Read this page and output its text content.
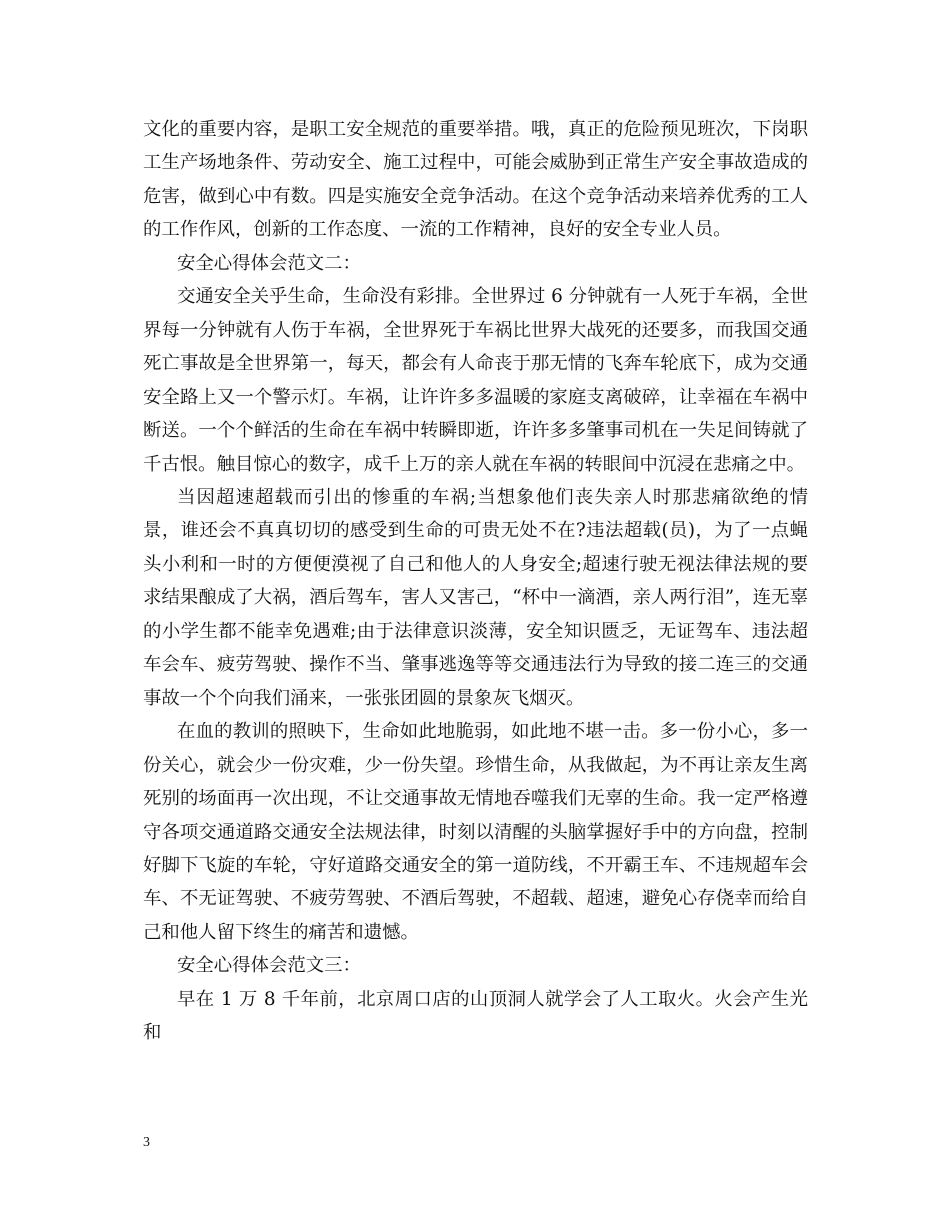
文化的重要内容，是职工安全规范的重要举措。哦，真正的危险预见班次，下岗职工生产场地条件、劳动安全、施工过程中，可能会威胁到正常生产安全事故造成的危害，做到心中有数。四是实施安全竞争活动。在这个竞争活动来培养优秀的工人的工作作风，创新的工作态度、一流的工作精神，良好的安全专业人员。

安全心得体会范文二：

交通安全关乎生命，生命没有彩排。全世界过 6 分钟就有一人死于车祸，全世界每一分钟就有人伤于车祸，全世界死于车祸比世界大战死的还要多，而我国交通死亡事故是全世界第一，每天，都会有人命丧于那无情的飞奔车轮底下，成为交通安全路上又一个警示灯。车祸，让许许多多温暖的家庭支离破碎，让幸福在车祸中断送。一个个鲜活的生命在车祸中转瞬即逝，许许多多肇事司机在一失足间铸就了千古恨。触目惊心的数字，成千上万的亲人就在车祸的转眼间中沉浸在悲痛之中。

当因超速超载而引出的惨重的车祸;当想象他们丧失亲人时那悲痛欲绝的情景，谁还会不真真切切的感受到生命的可贵无处不在?违法超载(员)，为了一点蝇头小利和一时的方便便漠视了自己和他人的人身安全;超速行驶无视法律法规的要求结果酿成了大祸，酒后驾车，害人又害己，“杯中一滴酒，亲人两行泪”，连无辜的小学生都不能幸免遇难;由于法律意识淡薄，安全知识匮乏，无证驾车、违法超车会车、疲劳驾驶、操作不当、肇事逃逸等等交通违法行为导致的接二连三的交通事故一个个向我们涌来，一张张团圆的景象灰飞烟灭。

在血的教训的照映下，生命如此地脆弱，如此地不堪一击。多一份小心，多一份关心，就会少一份灾难，少一份失望。珍惜生命，从我做起，为不再让亲友生离死别的场面再一次出现，不让交通事故无情地吞噬我们无辜的生命。我一定严格遵守各项交通道路交通安全法规法律，时刻以清醒的头脑掌握好手中的方向盘，控制好脚下飞旋的车轮，守好道路交通安全的第一道防线，不开霸王车、不违规超车会车、不无证驾驶、不疲劳驾驶、不酒后驾驶，不超载、超速，避免心存侥幸而给自己和他人留下终生的痛苦和遗憾。

安全心得体会范文三：

早在 1 万 8 千年前，北京周口店的山顶洞人就学会了人工取火。火会产生光和

3
